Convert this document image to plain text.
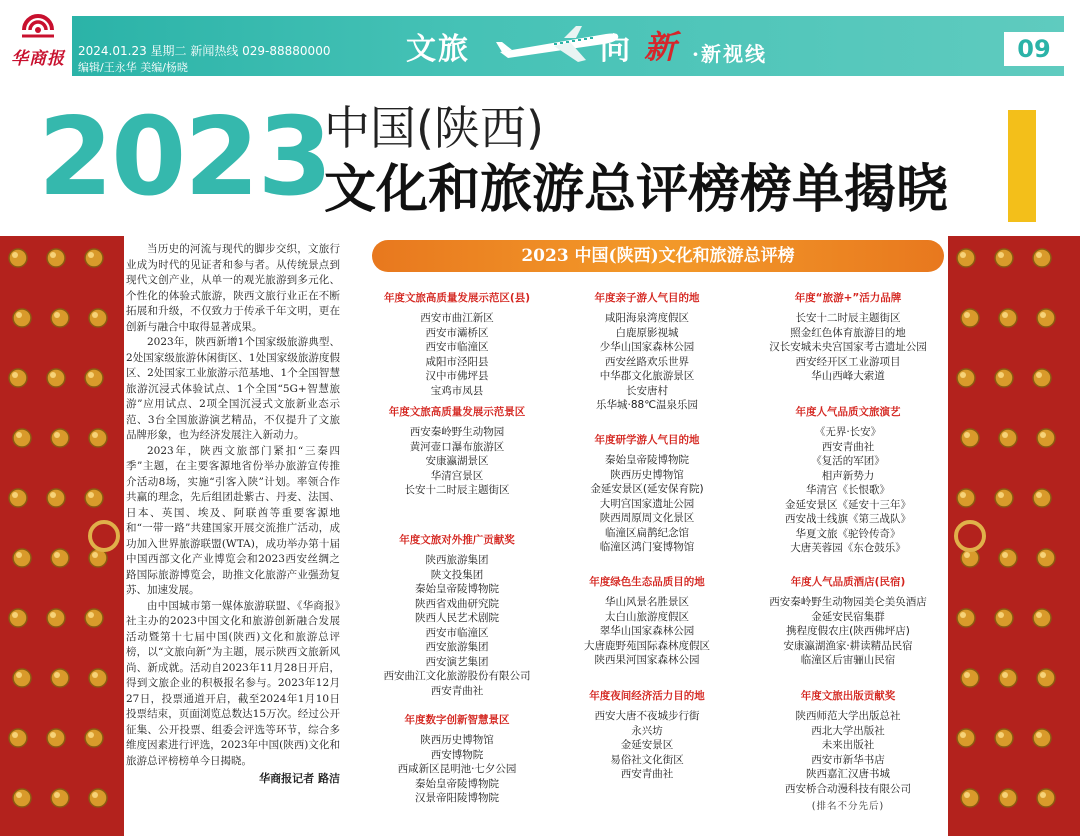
华商报	2024.01.23 星期二 新闻热线 029-88880000
编辑/王永华 美编/杨晓
文旅	向 新 ·新视线	09
2023
中国(陕西)
文化和旅游总评榜榜单揭晓

当历史的河流与现代的脚步交织，文旅行业成为时代的见证者和参与者。从传统景点到现代文创产业，从单一的观光旅游到多元化、个性化的体验式旅游，陕西文旅行业正在不断拓展和升级，不仅致力于传承千年文明，更在创新与融合中取得显著成果。

2023年，陕西新增1个国家级旅游典型、2处国家级旅游休闲街区、1处国家级旅游度假区、2处国家工业旅游示范基地、1个全国智慧旅游沉浸式体验试点、1个全国“5G+智慧旅游”应用试点、2项全国沉浸式文旅新业态示范、3台全国旅游演艺精品，不仅提升了文旅品牌形象，也为经济发展注入新动力。

2023年，陕西文旅部门紧扣“三秦四季”主题，在主要客源地省份举办旅游宣传推介活动8场，实施“引客入陕”计划。率领合作共赢的理念，先后组团赴紫古、丹麦、法国、日本、英国、埃及、阿联酋等重要客源地和“一带一路”共建国家开展交流推广活动，成功加入世界旅游联盟(WTA)，成功举办第十届中国西部文化产业博览会和2023西安丝绸之路国际旅游博览会，助推文化旅游产业强劲复苏、加速发展。

由中国城市第一媒体旅游联盟、《华商报》社主办的2023中国文化和旅游创新融合发展活动暨第十七届中国(陕西)文化和旅游总评榜，以“文旅向新”为主题，展示陕西文旅新风尚、新成就。活动自2023年11月28日开启，得到文旅企业的积极报名参与。2023年12月27日，投票通道开启，截至2024年1月10日投票结束，页面浏览总数达15万次。经过公开征集、公开投票、组委会评选等环节，综合多维度因素进行评选，2023年中国(陕西)文化和旅游总评榜榜单今日揭晓。

华商报记者 路洁

2023 中国(陕西)文化和旅游总评榜
年度文旅高质量发展示范区(县)
西安市曲江新区
西安市灞桥区
西安市临潼区
咸阳市泾阳县
汉中市佛坪县
宝鸡市凤县
年度文旅高质量发展示范景区
西安秦岭野生动物园
黄河壶口瀑布旅游区
安康瀛湖景区
华清宫景区
长安十二时辰主题街区
年度文旅对外推广贡献奖
陕西旅游集团
陕文投集团
秦始皇帝陵博物院
陕西省戏曲研究院
陕西人民艺术剧院
西安市临潼区
西安旅游集团
西安演艺集团
西安曲江文化旅游股份有限公司
西安青曲社
年度数字创新智慧景区
陕西历史博物馆
西安博物院
西咸新区昆明池·七夕公园
秦始皇帝陵博物院
汉景帝阳陵博物院
年度亲子游人气目的地
咸阳海泉湾度假区
白鹿原影视城
少华山国家森林公园
西安丝路欢乐世界
中华郡文化旅游景区
长安唐村
乐华城·88℃温泉乐园
年度研学游人气目的地
秦始皇帝陵博物院
陕西历史博物馆
金延安景区(延安保育院)
大明宫国家遗址公园
陕西周原周文化景区
临潼区扁鹊纪念馆
临潼区鸿门宴博物馆
年度绿色生态品质目的地
华山风景名胜景区
太白山旅游度假区
翠华山国家森林公园
大唐鹿野苑国际森林度假区
陕西果河国家森林公园
年度夜间经济活力目的地
西安大唐不夜城步行街
永兴坊
金延安景区
易俗社文化街区
西安青曲社
年度“旅游+”活力品牌
长安十二时辰主题街区
照金红色体育旅游目的地
汉长安城未央宫国家考古遗址公园
西安经开区工业游项目
华山西峰大索道
年度人气品质文旅演艺
《无界·长安》
西安青曲社
《复活的军团》
相声新势力
华清宫《长恨歌》
金延安景区《延安十三年》
西安战士线旗《第三战队》
华夏文旅《驼铃传奇》
大唐芙蓉园《东仓鼓乐》
年度人气品质酒店(民宿)
西安秦岭野生动物园美仑美奂酒店
金延安民宿集群
携程度假农庄(陕西佛坪店)
安康瀛湖渔家·耕读精品民宿
临潼区后宙骊山民宿
年度文旅出版贡献奖
陕西师范大学出版总社
西北大学出版社
未来出版社
西安市新华书店
陕西嘉汇汉唐书城
西安桥合动漫科技有限公司
(排名不分先后)
